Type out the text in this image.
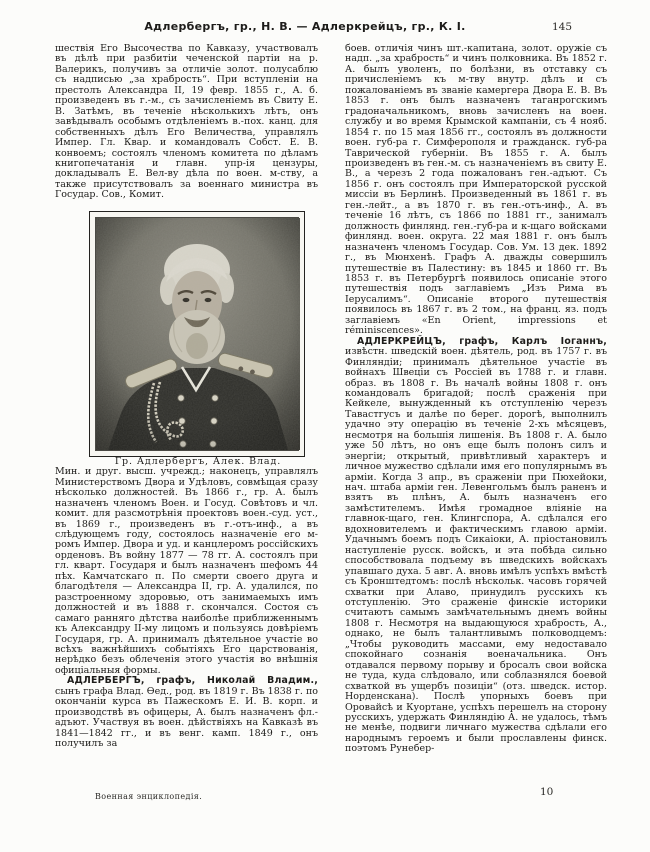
Адлербергъ, гр., Н. В. — Адлеркрейцъ, гр., К. I.	145

шествія Его Высочества по Кавказу, участвовалъ въ дѣлѣ при разбитіи чеченской партіи на р. Валерикъ, получивъ за отличіе золот. полусаблю съ надписью „за храбрость“. При вступленіи на престолъ Александра II, 19 февр. 1855 г., А. б. произведенъ въ г.-м., съ зачисленіемъ въ Свиту Е. В. Затѣмъ, въ теченіе нѣсколькихъ лѣтъ, онъ завѣдывалъ особымъ отдѣленіемъ в.-пох. канц. для собственныхъ дѣлъ Его Величества, управлялъ Импер. Гл. Квар. и командовалъ Собст. Е. В. конвоемъ; состоялъ членомъ комитета по дѣламъ книгопечатанія и главн. упр-ія цензуры, докладывалъ Е. Вел-ву дѣла по воен. м-ству, а также присутствовалъ за военнаго министра въ Государ. Сов., Комит.

Гр. Адлербергъ, Алек. Влад.

Мин. и друг. высш. учрежд.; наконецъ, управлялъ Министерствомъ Двора и Удѣловъ, совмѣщая сразу нѣсколько должностей. Въ 1866 г., гр. А. былъ назначенъ членомъ Воен. и Госуд. Совѣтовъ и чл. комит. для разсмотрѣнія проектовъ воен.-суд. уст., въ 1869 г., произведенъ въ г.-отъ-инф., а въ слѣдующемъ году, состоялось назначеніе его м-ромъ Импер. Двора и уд. и канцлеромъ россійскихъ орденовъ. Въ войну 1877 — 78 гг. А. состоялъ при гл. кварт. Государя и былъ назначенъ шефомъ 44 пѣх. Камчатскаго п. По смерти своего друга и благодѣтеля — Александра II, гр. А. удалился, по разстроенному здоровью, отъ занимаемыхъ имъ должностей и въ 1888 г. скончался. Состоя съ самаго ранняго дѣтства наиболѣе приближеннымъ къ Александру II-му лицомъ и пользуясь довѣріемъ Государя, гр. А. принималъ дѣятельное участіе во всѣхъ важнѣйшихъ событіяхъ Его царствованія, нерѣдко безъ облеченія этого участія во внѣшнія офиціальныя формы.

АДЛЕРБЕРГЪ, графъ, Николай Владим., сынъ графа Влад. Ѳед., род. въ 1819 г. Въ 1838 г. по окончаніи курса въ Пажескомъ Е. И. В. корп. и производствѣ въ офицеры, А. былъ назначенъ фл.-адъют. Участвуя въ воен. дѣйствіяхъ на Кавказѣ въ 1841—1842 гг., и въ венг. камп. 1849 г., онъ получилъ за

боев. отличія чинъ шт.-капитана, золот. оружіе съ надп. „за храбрость“ и чинъ полковника. Въ 1852 г. А. былъ уволенъ, по болѣзни, въ отставку съ причисленіемъ къ м-тву внутр. дѣлъ и съ пожалованіемъ въ званіе камергера Двора Е. В. Въ 1853 г. онъ былъ назначенъ таганрогскимъ градоначальникомъ, вновь зачисленъ на воен. службу и во время Крымской кампаніи, съ 4 нояб. 1854 г. по 15 мая 1856 гг., состоялъ въ должности воен. губ-ра г. Симферополя и гражданск. губ-ра Таврической губерніи. Въ 1855 г. А. былъ произведенъ въ ген.-м. съ назначеніемъ въ свиту Е. В., а черезъ 2 года пожалованъ ген.-адъют. Съ 1856 г. онъ состоялъ при Императорской русской миссіи въ Берлинѣ. Произведенный въ 1861 г. въ ген.-лейт., а въ 1870 г. въ ген.-отъ-инф., А. въ теченіе 16 лѣтъ, съ 1866 по 1881 гг., занималъ должность финлянд. ген.-губ-ра и к-щаго войсками финлянд. воен. округа. 22 мая 1881 г. онъ былъ назначенъ членомъ Государ. Сов. Ум. 13 дек. 1892 г., въ Мюнхенѣ. Графъ А. дважды совершилъ путешествіе въ Палестину: въ 1845 и 1860 гг. Въ 1853 г. въ Петербургѣ появилось описаніе этого путешествія подъ заглавіемъ „Изъ Рима въ Іерусалимъ“. Описаніе второго путешествія появилось въ 1867 г. въ 2 том., на франц. яз. подъ заглавіемъ «En Orient, impressions et réminiscences».

АДЛЕРКРЕЙЦЪ, графъ, Карлъ Іоганнъ, извѣстн. шведскій воен. дѣятель, род. въ 1757 г. въ Финляндіи; принималъ дѣятельное участіе въ войнахъ Швеціи съ Россіей въ 1788 г. и главн. образ. въ 1808 г. Въ началѣ войны 1808 г. онъ командовалъ бригадой; послѣ сраженія при Кейкеле, вынужденный къ отступленію черезъ Тавастгусъ и далѣе по берег. дорогѣ, выполнилъ удачно эту операцію въ теченіе 2-хъ мѣсяцевъ, несмотря на большія лишенія. Въ 1808 г. А. было уже 50 лѣтъ, но онъ еще былъ полонъ силъ и энергіи; открытый, привѣтливый характеръ и личное мужество сдѣлали имя его популярнымъ въ арміи. Когда 3 апр., въ сраженіи при Пюхейоки, нач. штаба арміи ген. Левенгольмъ былъ раненъ и взятъ въ плѣнъ, А. былъ назначенъ его замѣстителемъ. Имѣя громадное вліяніе на главнок-щаго, ген. Клингспора, А. сдѣлался его вдохновителемъ и фактическимъ главою арміи. Удачнымъ боемъ подъ Сикаіоки, А. пріостановилъ наступленіе русск. войскъ, и эта побѣда сильно способствовала подъему въ шведскихъ войскахъ упавшаго духа. 5 авг. А. вновь имѣлъ успѣхъ вмѣстѣ съ Кронштедтомъ: послѣ нѣскольк. часовъ горячей схватки при Алаво, принудилъ русскихъ къ отступленію. Это сраженіе финскіе историки считаютъ самымъ замѣчательнымъ днемъ войны 1808 г. Несмотря на выдающуюся храбрость, А., однако, не былъ талантливымъ полководцемъ: „Чтобы руководить массами, ему недоставало спокойнаго сознанія военачальника. Онъ отдавался первому порыву и бросалъ свои войска не туда, куда слѣдовало, или соблазнялся боевой схваткой въ ущербъ позиціи“ (отз. шведск. истор. Норденскана). Послѣ упорныхъ боевъ при Оровайсѣ и Куортане, успѣхъ перешелъ на сторону русскихъ, удержать Финляндію А. не удалось, тѣмъ не менѣе, подвиги личнаго мужества сдѣлали его народнымъ героемъ и были прославлены финск. поэтомъ Рунебер-

Военная энциклопедія.	10
